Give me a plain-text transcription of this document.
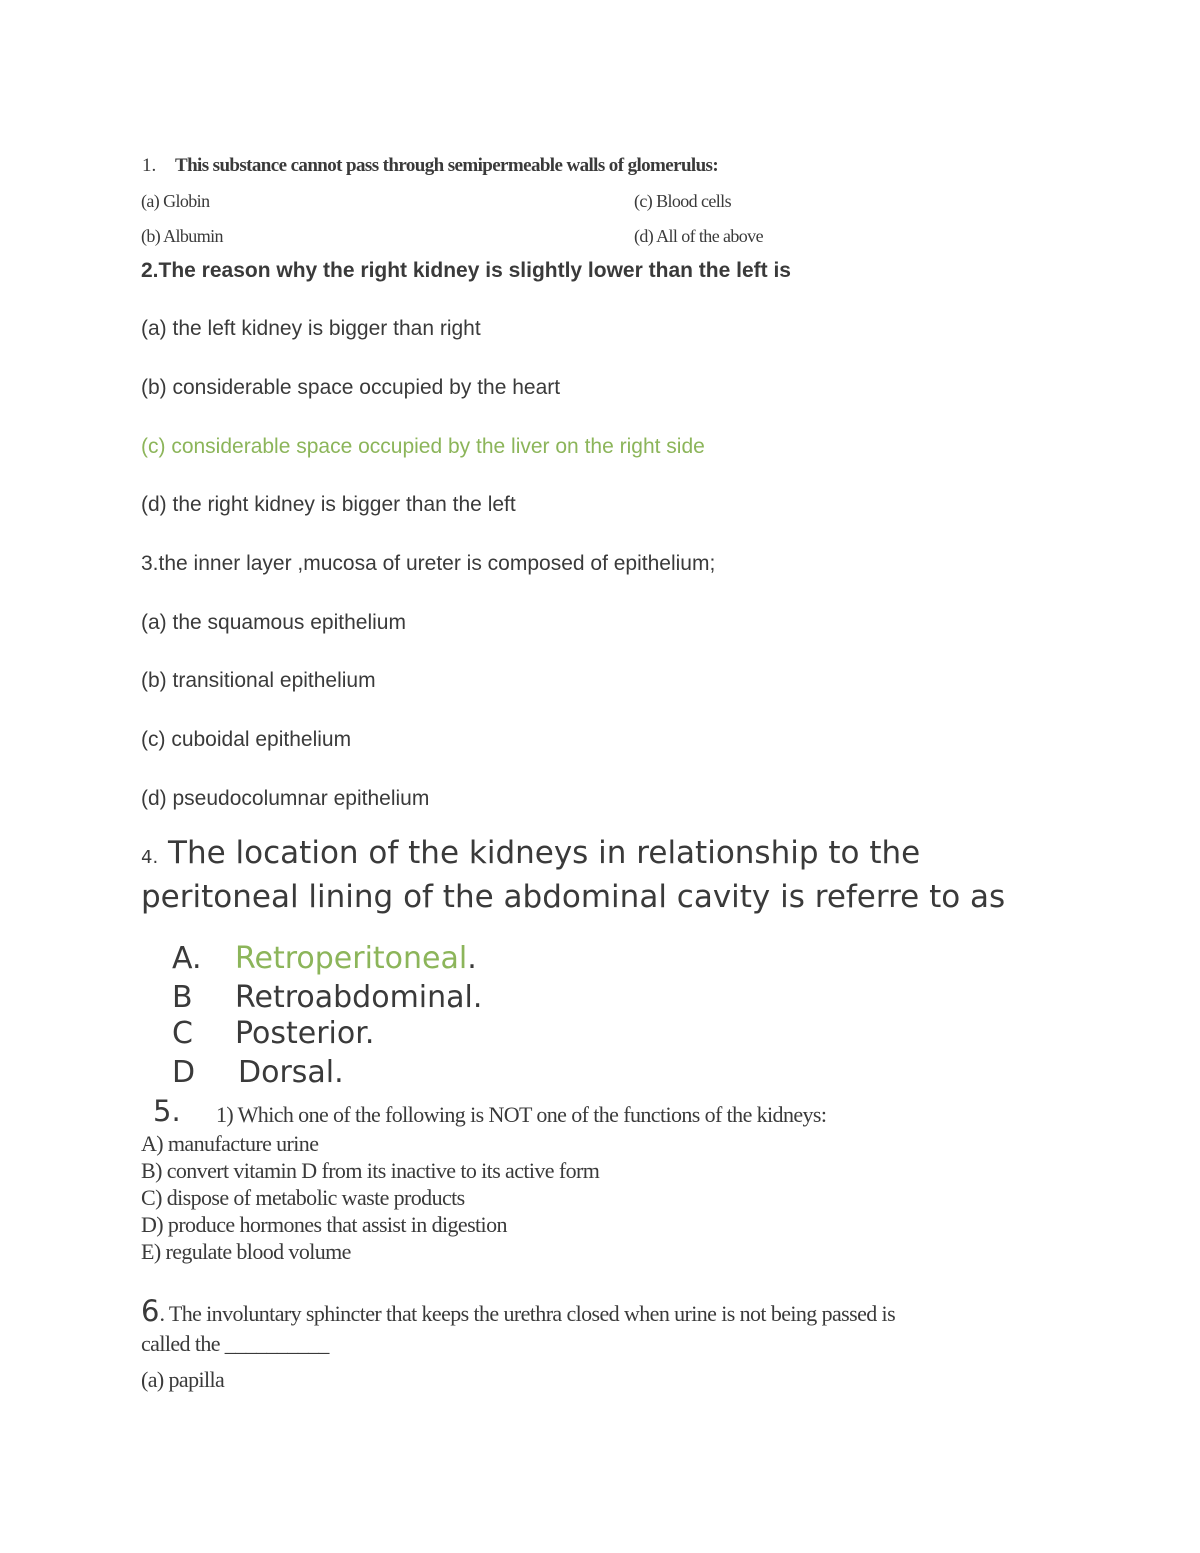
1. This substance cannot pass through semipermeable walls of glomerulus:
(a) Globin	(c) Blood cells
(b) Albumin	(d) All of the above
2.The reason why the right kidney is slightly lower than the left is
(a) the left kidney is bigger than right
(b) considerable space occupied by the heart
(c) considerable space occupied by the liver on the right side
(d) the right kidney is bigger than the left
3.the inner layer ,mucosa of ureter is composed of epithelium;
(a) the squamous epithelium
(b) transitional epithelium
(c) cuboidal epithelium
(d) pseudocolumnar epithelium
4. The location of the kidneys in relationship to the
peritoneal lining of the abdominal cavity is referre to as
A. Retroperitoneal.
B Retroabdominal.
C Posterior.
D Dorsal.
5. 1) Which one of the following is NOT one of the functions of the kidneys:
A) manufacture urine
B) convert vitamin D from its inactive to its active form
C) dispose of metabolic waste products
D) produce hormones that assist in digestion
E) regulate blood volume
6. The involuntary sphincter that keeps the urethra closed when urine is not being passed is
called the __________
(a) papilla
